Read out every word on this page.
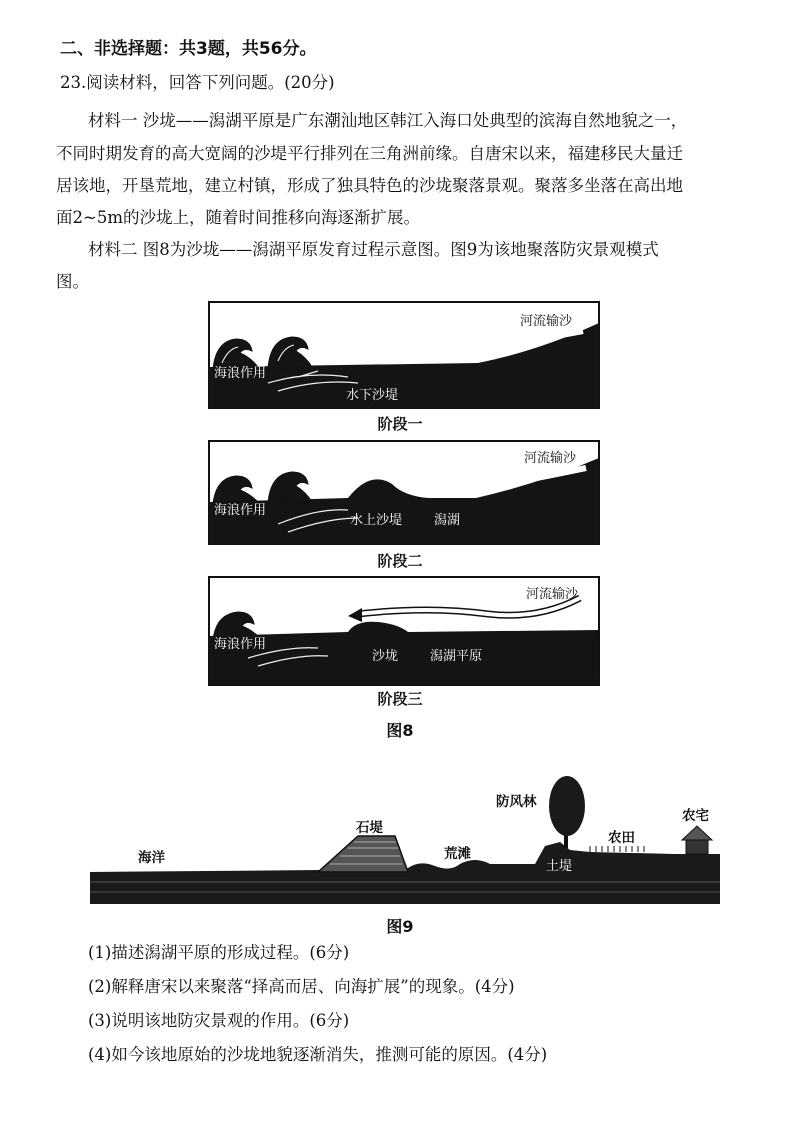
二、非选择题：共3题，共56分。
23.阅读材料，回答下列问题。(20分)
材料一 沙垅——潟湖平原是广东潮汕地区韩江入海口处典型的滨海自然地貌之一，
不同时期发育的高大宽阔的沙堤平行排列在三角洲前缘。自唐宋以来，福建移民大量迁
居该地，开垦荒地，建立村镇，形成了独具特色的沙垅聚落景观。聚落多坐落在高出地
面2~5m的沙垅上，随着时间推移向海逐渐扩展。
材料二 图8为沙垅——潟湖平原发育过程示意图。图9为该地聚落防灾景观模式
图。
海浪作用
河流输沙
水下沙堤
阶段一
海浪作用
河流输沙
水上沙堤 潟湖
阶段二
海浪作用
河流输沙
沙垅 潟湖平原
阶段三
图8
海洋
石堤
荒滩
防风林
土堤
农田
农宅
图9
(1)描述潟湖平原的形成过程。(6分)
(2)解释唐宋以来聚落“择高而居、向海扩展”的现象。(4分)
(3)说明该地防灾景观的作用。(6分)
(4)如今该地原始的沙垅地貌逐渐消失，推测可能的原因。(4分)
